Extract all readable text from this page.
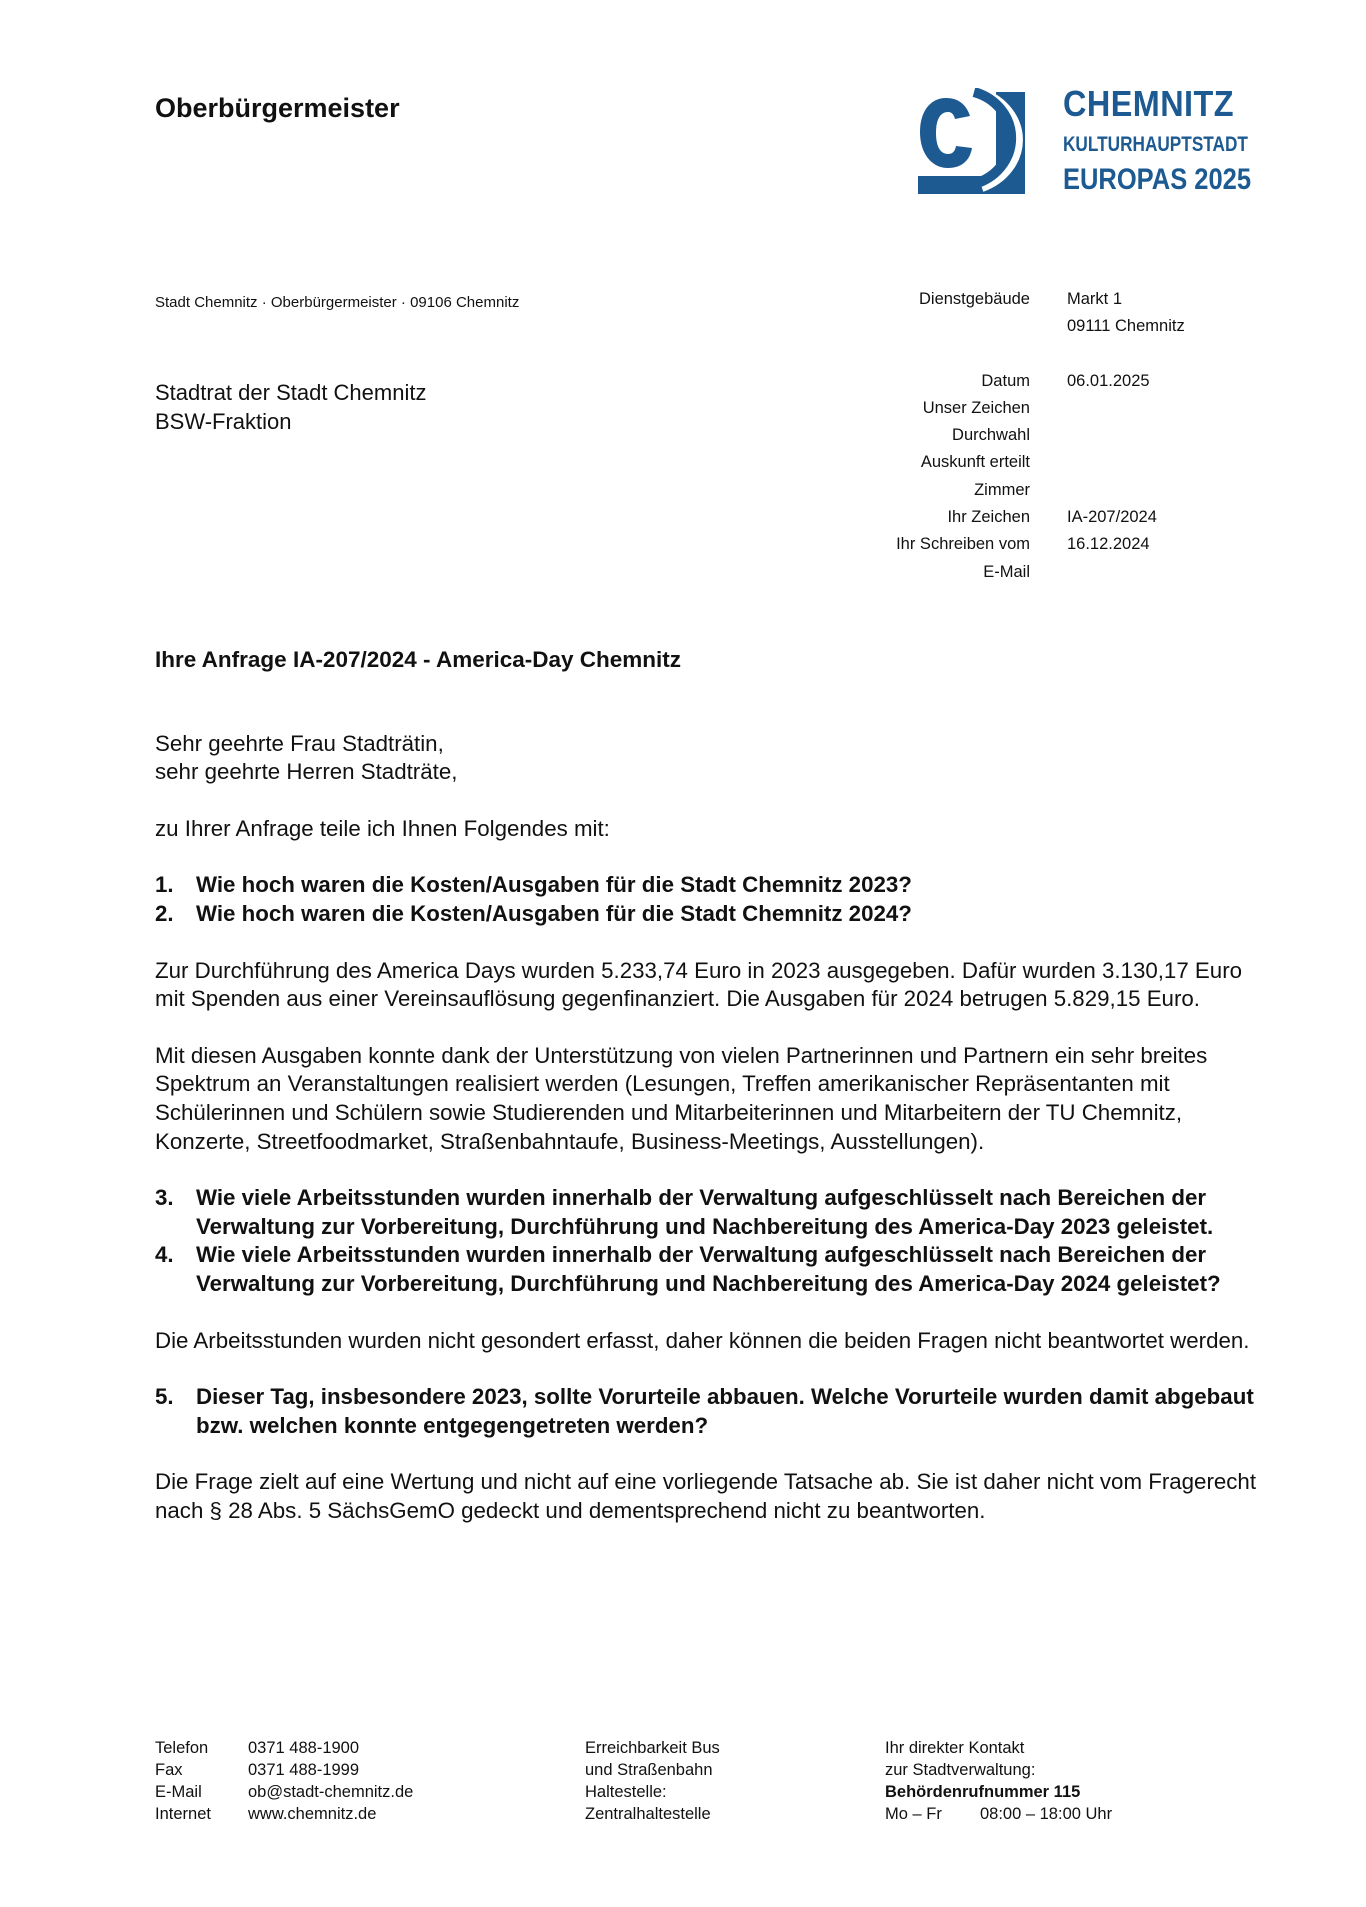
Oberbürgermeister	CHEMNITZ
KULTURHAUPTSTADT
EUROPAS 2025
Stadt Chemnitz · Oberbürgermeister · 09106 Chemnitz
Stadtrat der Stadt Chemnitz
BSW-Fraktion
Dienstgebäude	Markt 1
09111 Chemnitz
Datum	06.01.2025
Unser Zeichen
Durchwahl
Auskunft erteilt
Zimmer
Ihr Zeichen	IA-207/2024
Ihr Schreiben vom	16.12.2024
E-Mail
Ihre Anfrage IA-207/2024 - America-Day Chemnitz
Sehr geehrte Frau Stadträtin,
sehr geehrte Herren Stadträte,

zu Ihrer Anfrage teile ich Ihnen Folgendes mit:

1.	Wie hoch waren die Kosten/Ausgaben für die Stadt Chemnitz 2023?
2.	Wie hoch waren die Kosten/Ausgaben für die Stadt Chemnitz 2024?

Zur Durchführung des America Days wurden 5.233,74 Euro in 2023 ausgegeben. Dafür wurden 3.130,17 Euro mit Spenden aus einer Vereinsauflösung gegenfinanziert. Die Ausgaben für 2024 betrugen 5.829,15 Euro.

Mit diesen Ausgaben konnte dank der Unterstützung von vielen Partnerinnen und Partnern ein sehr breites Spektrum an Veranstaltungen realisiert werden (Lesungen, Treffen amerikanischer Repräsentanten mit Schülerinnen und Schülern sowie Studierenden und Mitarbeiterinnen und Mitarbeitern der TU Chemnitz, Konzerte, Streetfoodmarket, Straßenbahntaufe, Business-Meetings, Ausstellungen).

3.	Wie viele Arbeitsstunden wurden innerhalb der Verwaltung aufgeschlüsselt nach Bereichen der Verwaltung zur Vorbereitung, Durchführung und Nachbereitung des America-Day 2023 geleistet.
4.	Wie viele Arbeitsstunden wurden innerhalb der Verwaltung aufgeschlüsselt nach Bereichen der Verwaltung zur Vorbereitung, Durchführung und Nachbereitung des America-Day 2024 geleistet?

Die Arbeitsstunden wurden nicht gesondert erfasst, daher können die beiden Fragen nicht beantwortet werden.

5.	Dieser Tag, insbesondere 2023, sollte Vorurteile abbauen. Welche Vorurteile wurden damit abgebaut bzw. welchen konnte entgegengetreten werden?

Die Frage zielt auf eine Wertung und nicht auf eine vorliegende Tatsache ab. Sie ist daher nicht vom Fragerecht nach § 28 Abs. 5 SächsGemO gedeckt und dementsprechend nicht zu beantworten.

Telefon	0371 488-1900
Fax	0371 488-1999
E-Mail	ob@stadt-chemnitz.de
Internet	www.chemnitz.de
Erreichbarkeit Bus
und Straßenbahn
Haltestelle:
Zentralhaltestelle
Ihr direkter Kontakt
zur Stadtverwaltung:
Behördenrufnummer 115
Mo – Fr	08:00 – 18:00 Uhr
